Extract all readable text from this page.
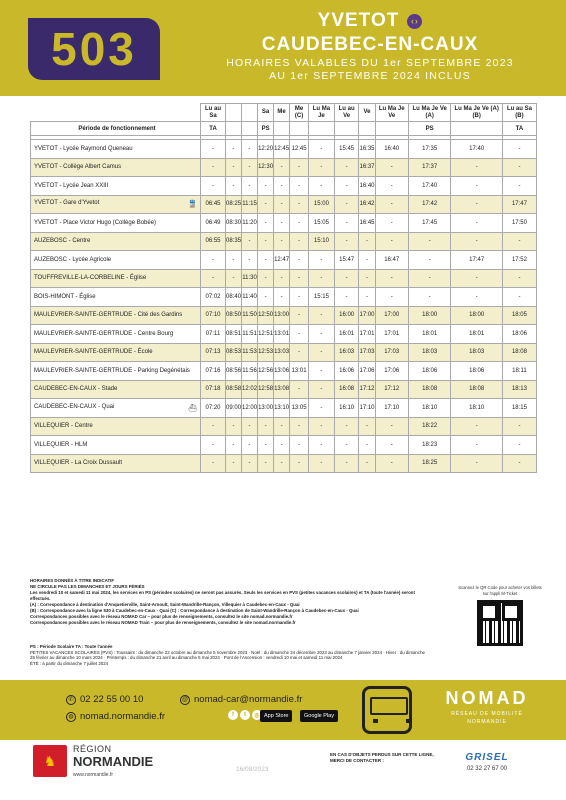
503
YVETOT	‹›
CAUDEBEC-EN-CAUX
HORAIRES VALABLES DU 1er SEPTEMBRE 2023
AU 1er SEPTEMBRE 2024 INCLUS
	Lu au Sa			Sa	Me	Me (C)	Lu Ma Je	Lu au Ve	Ve	Lu Ma Je Ve	Lu Ma Je Ve (A)	Lu Ma Je Ve (A) (B)	Lu au Sa (B)
Période de fonctionnement	TA			PS							PS		TA

YVETOT - Lycée Raymond Queneau	-	-	-	12:20	12:45	12:45	-	15:45	16:35	16:40	17:35	17:40	-
YVETOT - Collège Albert Camus	-	-	-	12:30	-	-	-	-	16:37	-	17:37	-	-
YVETOT - Lycée Jean XXIII	-	-	-	-	-	-	-	-	16:40	-	17:40	-	-
YVETOT - Gare d'Yvetot 🚆	06:45	08:25	11:15	-	-	-	15:00	-	16:42	-	17:42	-	17:47
YVETOT - Place Victor Hugo (Collège Bobée)	06:49	08:30	11:20	-	-	-	15:05	-	16:45	-	17:45	-	17:50
AUZEBOSC - Centre	06:55	08:35	-	-	-	-	15:10	-	-	-	-	-	-
AUZEBOSC - Lycée Agricole	-	-	-	-	12:47	-	-	15:47	-	16:47	-	17:47	17:52
TOUFFREVILLE-LA-CORBELINE - Église	-	-	11:30	-	-	-	-	-	-	-	-	-	-
BOIS-HIMONT - Église	07:02	08:40	11:40	-	-	-	15:15	-	-	-	-	-	-
MAULEVRIER-SAINTE-GERTRUDE - Cité des Gardins	07:10	08:50	11:50	12:50	13:00	-	-	16:00	17:00	17:00	18:00	18:00	18:05
MAULEVRIER-SAINTE-GERTRUDE - Centre Bourg	07:11	08:51	11:51	12:51	13:01	-	-	16:01	17:01	17:01	18:01	18:01	18:06
MAULEVRIER-SAINTE-GERTRUDE - École	07:13	08:53	11:53	12:53	13:03	-	-	16:03	17:03	17:03	18:03	18:03	18:08
MAULEVRIER-SAINTE-GERTRUDE - Parking Degénétais	07:16	08:56	11:56	12:56	13:06	13:01	-	16:06	17:06	17:06	18:06	18:06	18:11
CAUDEBEC-EN-CAUX - Stade	07:18	08:58	12:02	12:58	13:08	-	-	16:08	17:12	17:12	18:08	18:08	18:13
CAUDEBEC-EN-CAUX - Quai ⛴	07:20	09:00	12:00	13:00	13:10	13:05	-	16:10	17:10	17:10	18:10	18:10	18:15
VILLEQUIER - Centre	-	-	-	-	-	-	-	-	-	-	18:22	-	-
VILLEQUIER - HLM	-	-	-	-	-	-	-	-	-	-	18:23	-	-
VILLEQUIER - La Croix Dussault	-	-	-	-	-	-	-	-	-	-	18:25	-	-
HORAIRES DONNÉS À TITRE INDICATIF
NE CIRCULE PAS LES DIMANCHES ET JOURS FÉRIÉS
Les vendredi 10 et samedi 11 mai 2024, les services en PS (périodes scolaires) ne seront pas assurés. Seuls les services en PVS (petites vacances scolaires) et TA (toute l'année) seront effectués.
(A) : Correspondance à destination d'Anquetierville, Saint-Arnoult, Saint-Wandrille-Rançon, Villequier à Caudebec-en-Caux - Quai
(B) : Correspondance avec la ligne 530 à Caudebec-en-Caux - Quai (C) : Correspondance à destination de Saint-Wandrille-Rançon à Caudebec-en-Caux - Quai
Correspondances possibles avec le réseau NOMAD Car – pour plus de renseignements, consultez le site nomad.normandie.fr
Correspondances possibles avec le réseau NOMAD Train – pour plus de renseignements, consultez le site nomad.normandie.fr
PS : Période Scolaire TA : Toute l'année
PETITES VACANCES SCOLAIRES (PVS) : Toussaint : du dimanche 22 octobre au dimanche 5 novembre 2023 · Noël : du dimanche 24 décembre 2023 au dimanche 7 janvier 2024 · Hiver : du dimanche 25 février au dimanche 10 mars 2024 · Printemps : du dimanche 21 avril au dimanche 5 mai 2024 · Pont de l'Ascension : vendredi 10 mai et samedi 11 mai 2024
ÉTÉ : à partir du dimanche 7 juillet 2024
Scannez le QR Code pour acheter vos billets sur l'appli M-Ticket
✆ 02 22 55 00 10	@ nomad-car@normandie.fr
◍ nomad.normandie.fr	f	t	◎ App Store	Google Play
NOMAD
RÉSEAU DE MOBILITÉ
NORMANDIE
♞
RÉGION
NORMANDIE
www.normandie.fr
16/08/2023
EN CAS D'OBJETS PERDUS SUR CETTE LIGNE,
MERCI DE CONTACTER :	GRISEL
02 32 27 67 00
